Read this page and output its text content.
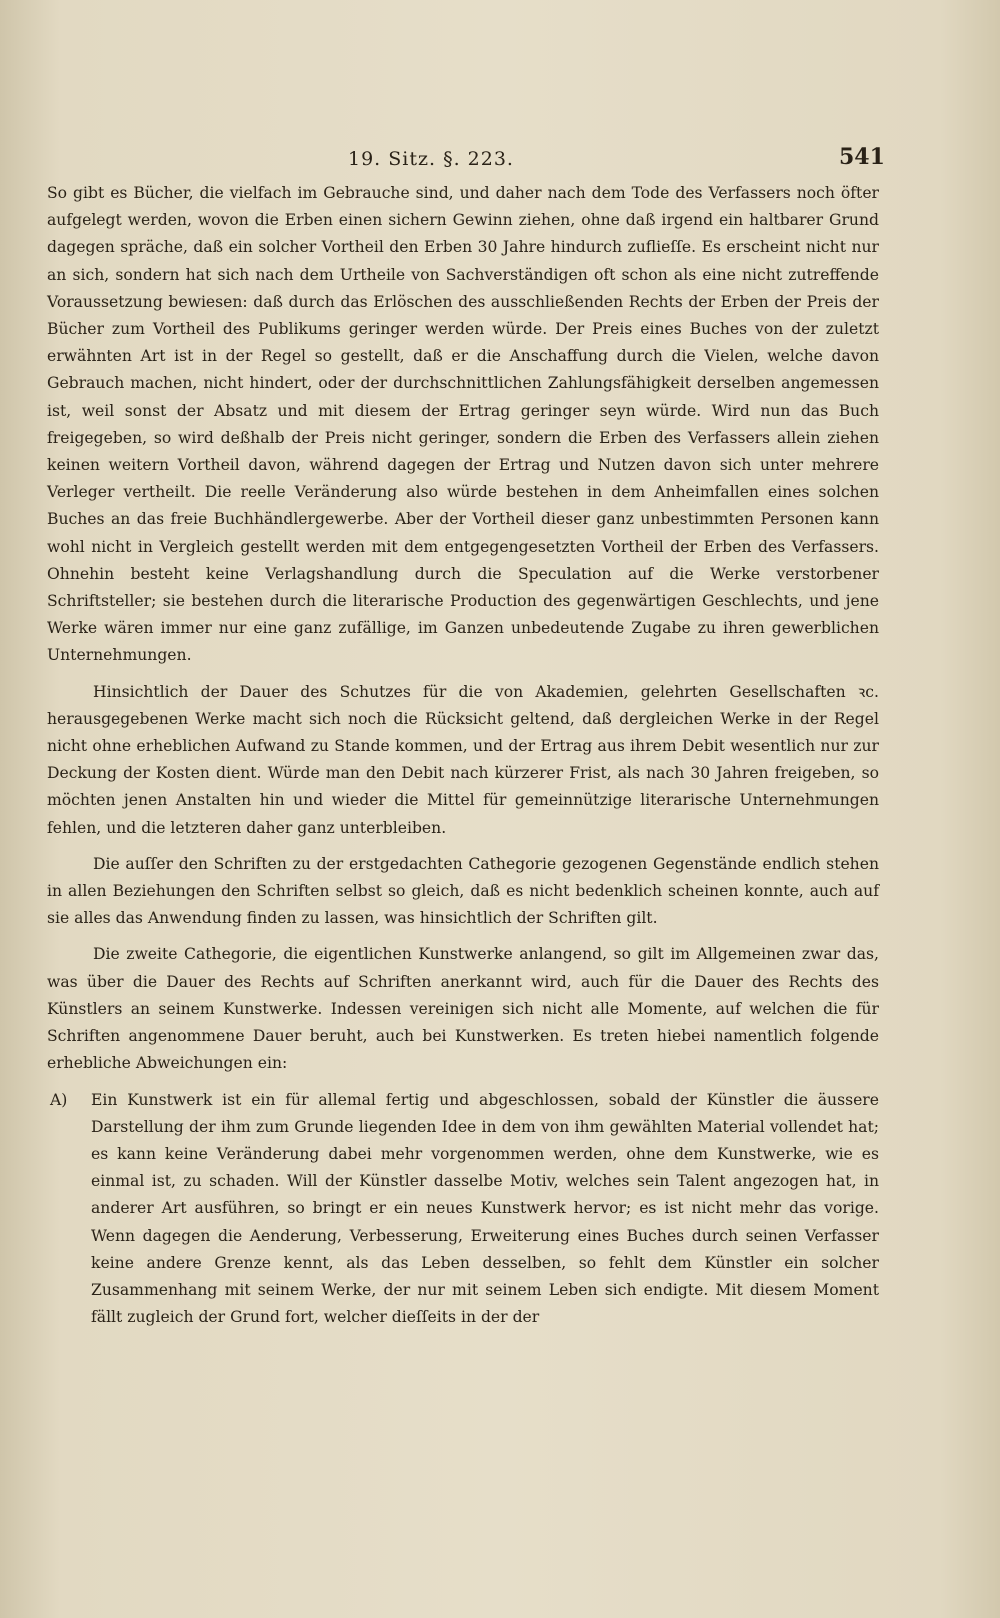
19. Sitz. §. 223.	541

So gibt es Bücher, die vielfach im Gebrauche sind, und daher nach dem Tode des Verfassers noch öfter aufgelegt werden, wovon die Erben einen sichern Gewinn ziehen, ohne daß irgend ein haltbarer Grund dagegen spräche, daß ein solcher Vortheil den Erben 30 Jahre hindurch zuflieſſe. Es erscheint nicht nur an sich, sondern hat sich nach dem Urtheile von Sachverständigen oft schon als eine nicht zutreffende Voraussetzung bewiesen: daß durch das Erlöschen des ausschließenden Rechts der Erben der Preis der Bücher zum Vortheil des Publikums geringer werden würde. Der Preis eines Buches von der zuletzt erwähnten Art ist in der Regel so gestellt, daß er die Anschaffung durch die Vielen, welche davon Gebrauch machen, nicht hindert, oder der durchschnittlichen Zahlungsfähigkeit derselben angemessen ist, weil sonst der Absatz und mit diesem der Ertrag geringer seyn würde. Wird nun das Buch freigegeben, so wird deßhalb der Preis nicht geringer, sondern die Erben des Verfassers allein ziehen keinen weitern Vortheil davon, während dagegen der Ertrag und Nutzen davon sich unter mehrere Verleger vertheilt. Die reelle Veränderung also würde bestehen in dem Anheimfallen eines solchen Buches an das freie Buchhändlergewerbe. Aber der Vortheil dieser ganz unbestimmten Personen kann wohl nicht in Vergleich gestellt werden mit dem entgegengesetzten Vortheil der Erben des Verfassers. Ohnehin besteht keine Verlagshandlung durch die Speculation auf die Werke verstorbener Schriftsteller; sie bestehen durch die literarische Production des gegenwärtigen Geschlechts, und jene Werke wären immer nur eine ganz zufällige, im Ganzen unbedeutende Zugabe zu ihren gewerblichen Unternehmungen.

Hinsichtlich der Dauer des Schutzes für die von Akademien, gelehrten Gesellschaften ꝛc. herausgegebenen Werke macht sich noch die Rücksicht geltend, daß dergleichen Werke in der Regel nicht ohne erheblichen Aufwand zu Stande kommen, und der Ertrag aus ihrem Debit wesentlich nur zur Deckung der Kosten dient. Würde man den Debit nach kürzerer Frist, als nach 30 Jahren freigeben, so möchten jenen Anstalten hin und wieder die Mittel für gemeinnützige literarische Unternehmungen fehlen, und die letzteren daher ganz unterbleiben.

Die auſſer den Schriften zu der erstgedachten Cathegorie gezogenen Gegenstände endlich stehen in allen Beziehungen den Schriften selbst so gleich, daß es nicht bedenklich scheinen konnte, auch auf sie alles das Anwendung finden zu lassen, was hinsichtlich der Schriften gilt.

Die zweite Cathegorie, die eigentlichen Kunstwerke anlangend, so gilt im Allgemeinen zwar das, was über die Dauer des Rechts auf Schriften anerkannt wird, auch für die Dauer des Rechts des Künstlers an seinem Kunstwerke. Indessen vereinigen sich nicht alle Momente, auf welchen die für Schriften angenommene Dauer beruht, auch bei Kunstwerken. Es treten hiebei namentlich folgende erhebliche Abweichungen ein:

A) Ein Kunstwerk ist ein für allemal fertig und abgeschlossen, sobald der Künstler die äussere Darstellung der ihm zum Grunde liegenden Idee in dem von ihm gewählten Material vollendet hat; es kann keine Veränderung dabei mehr vorgenommen werden, ohne dem Kunstwerke, wie es einmal ist, zu schaden. Will der Künstler dasselbe Motiv, welches sein Talent angezogen hat, in anderer Art ausführen, so bringt er ein neues Kunstwerk hervor; es ist nicht mehr das vorige. Wenn dagegen die Aenderung, Verbesserung, Erweiterung eines Buches durch seinen Verfasser keine andere Grenze kennt, als das Leben desselben, so fehlt dem Künstler ein solcher Zusammenhang mit seinem Werke, der nur mit seinem Leben sich endigte. Mit diesem Moment fällt zugleich der Grund fort, welcher dieſſeits in der der
